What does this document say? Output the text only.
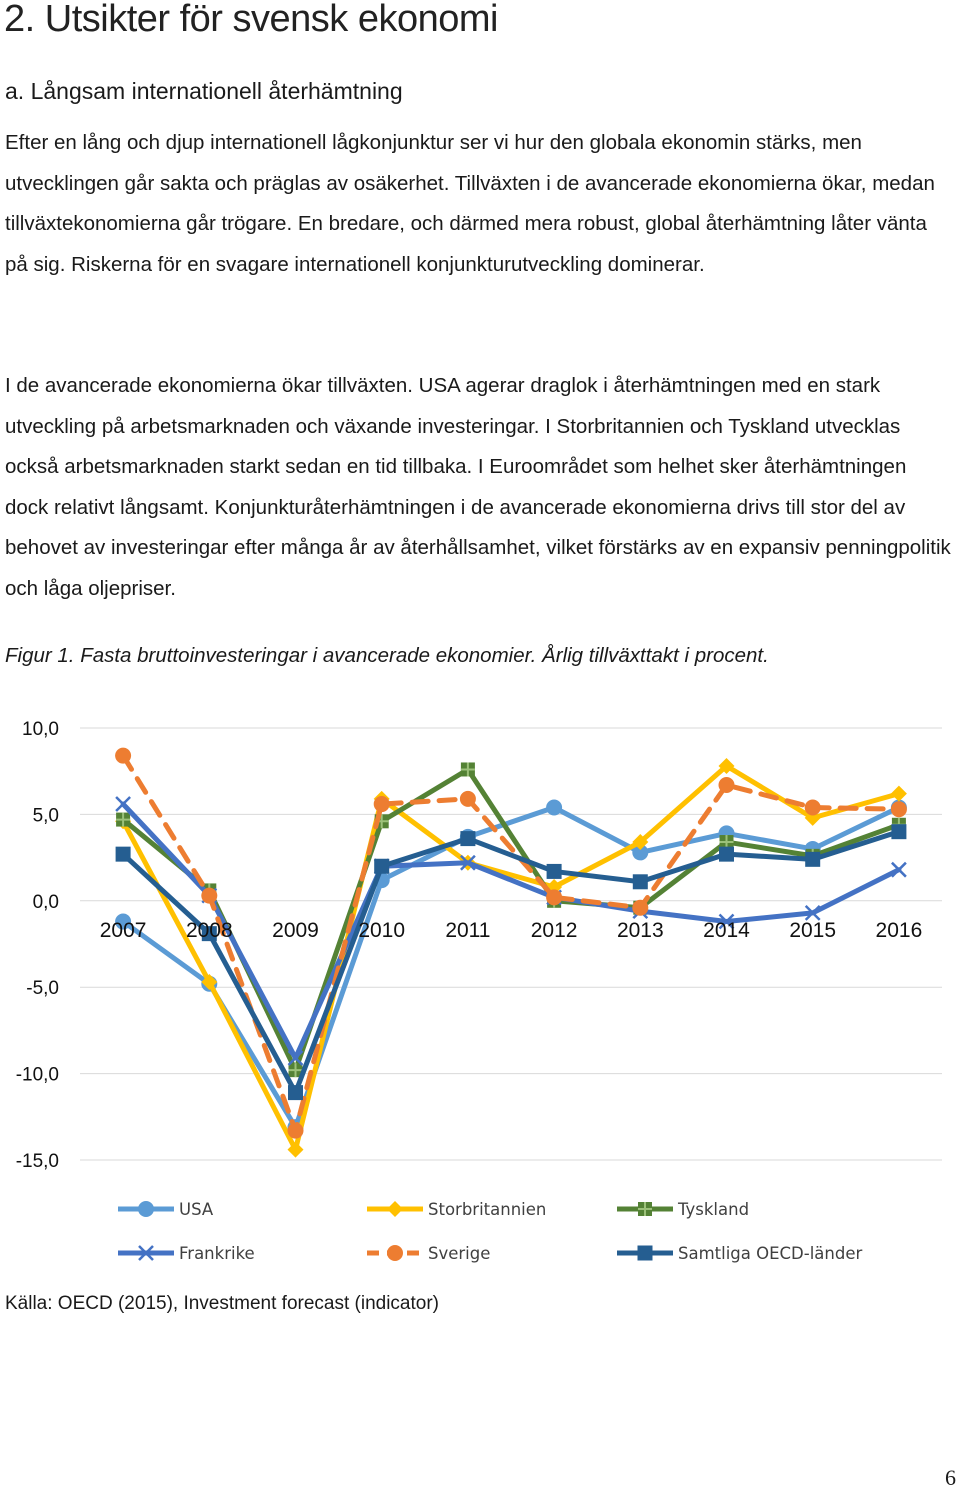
2. Utsikter för svensk ekonomi
a. Långsam internationell återhämtning

Efter en lång och djup internationell lågkonjunktur ser vi hur den globala ekonomin stärks, men utvecklingen går sakta och präglas av osäkerhet. Tillväxten i de avancerade ekonomierna ökar, medan tillväxtekonomierna går trögare. En bredare, och därmed mera robust, global återhämtning låter vänta på sig. Riskerna för en svagare internationell konjunkturutveckling dominerar.

I de avancerade ekonomierna ökar tillväxten. USA agerar draglok i återhämtningen med en stark utveckling på arbetsmarknaden och växande investeringar. I Storbritannien och Tyskland utvecklas också arbetsmarknaden starkt sedan en tid tillbaka. I Euroområdet som helhet sker återhämtningen dock relativt långsamt. Konjunkturåterhämtningen i de avancerade ekonomierna drivs till stor del av behovet av investeringar efter många år av återhållsamhet, vilket förstärks av en expansiv penningpolitik och låga oljepriser.

Figur 1. Fasta bruttoinvesteringar i avancerade ekonomier. Årlig tillväxttakt i procent.

10,0
5,0
0,0
-5,0
-10,0
-15,0
2007 2008 2009 2010 2011 2012 2013 2014 2015 2016
USA	Storbritannien	Tyskland
Frankrike	Sverige	Samtliga OECD-länder

Källa: OECD (2015), Investment forecast (indicator)

6
